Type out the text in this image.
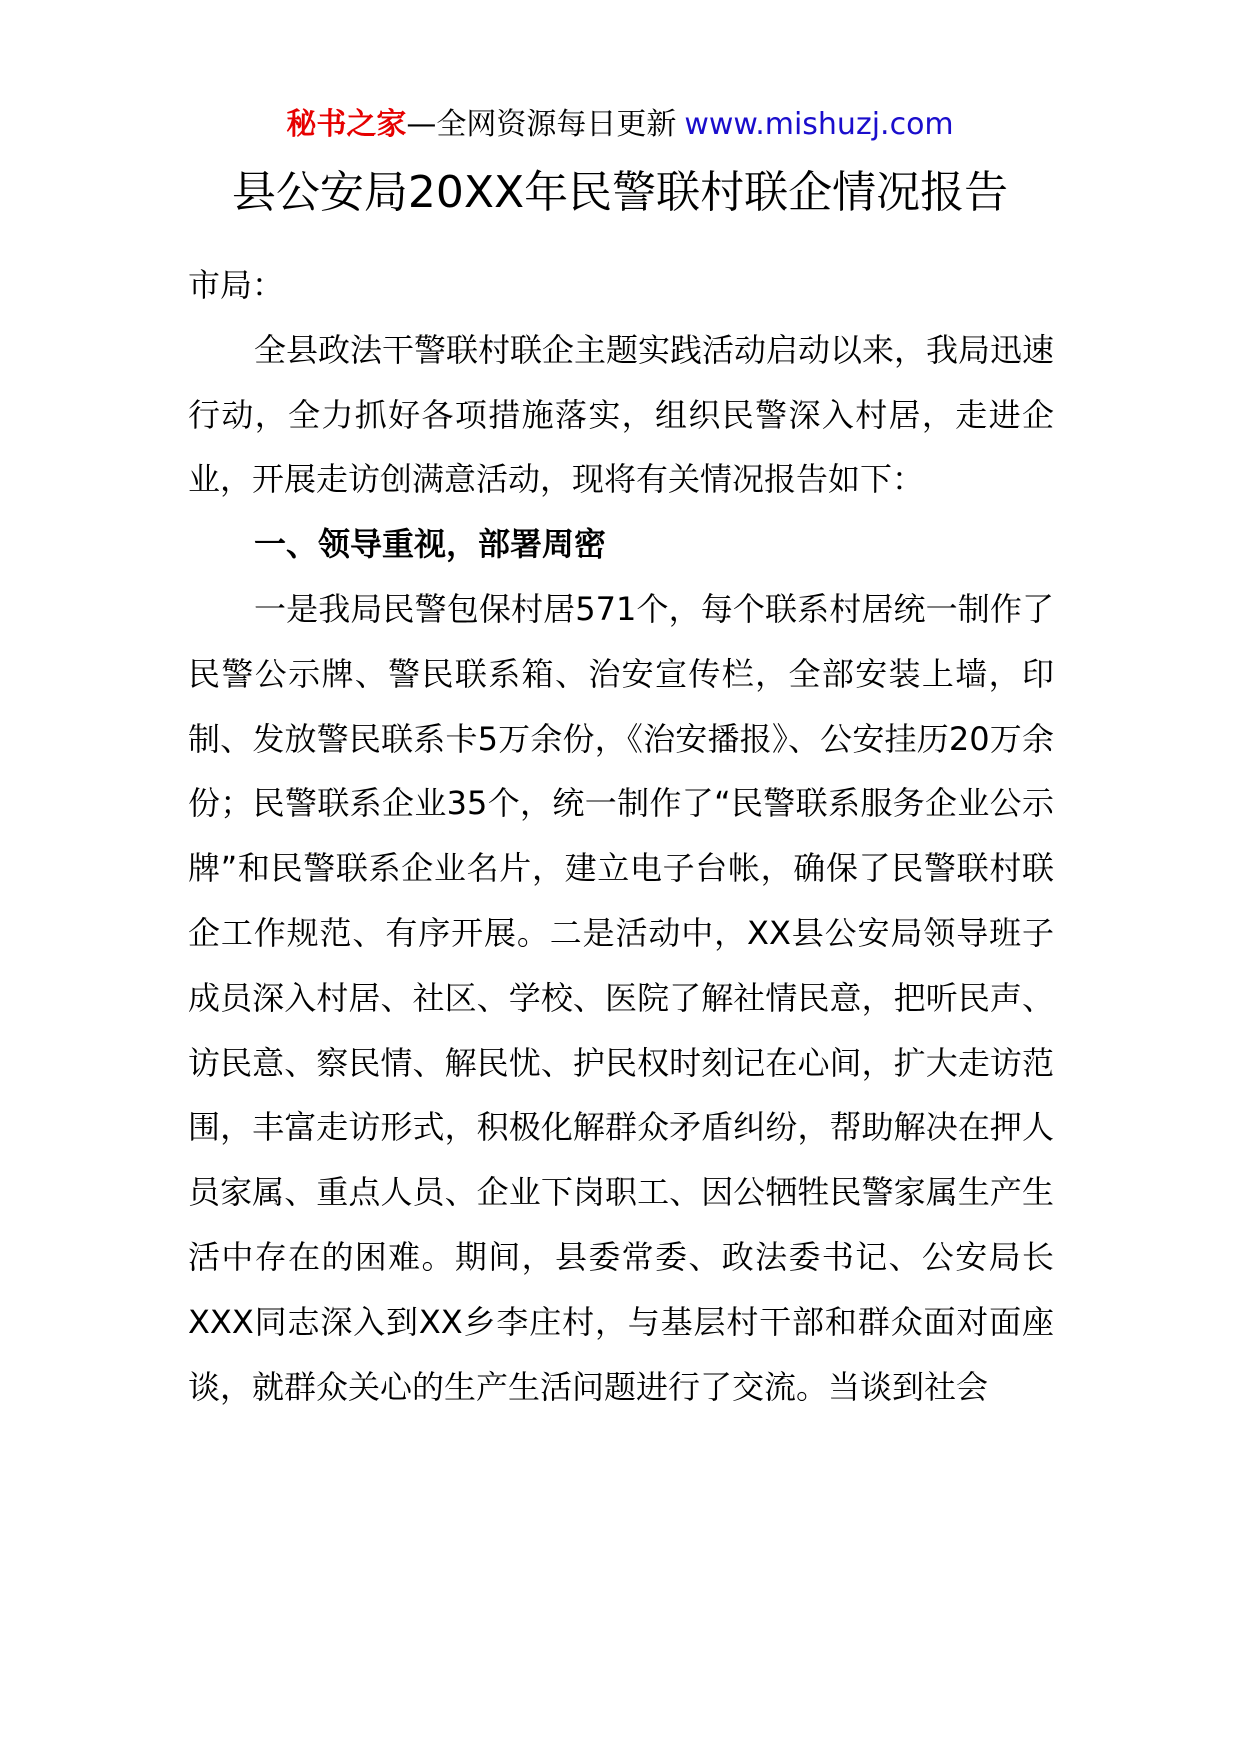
秘书之家—全网资源每日更新 www.mishuzj.com
县公安局20XX年民警联村联企情况报告

市局：

全县政法干警联村联企主题实践活动启动以来，我局迅速行动，全力抓好各项措施落实，组织民警深入村居，走进企业，开展走访创满意活动，现将有关情况报告如下：

一、领导重视，部署周密

一是我局民警包保村居571个，每个联系村居统一制作了民警公示牌、警民联系箱、治安宣传栏，全部安装上墙，印制、发放警民联系卡5万余份，《治安播报》、公安挂历20万余份；民警联系企业35个，统一制作了“民警联系服务企业公示牌”和民警联系企业名片，建立电子台帐，确保了民警联村联企工作规范、有序开展。二是活动中，XX县公安局领导班子成员深入村居、社区、学校、医院了解社情民意，把听民声、访民意、察民情、解民忧、护民权时刻记在心间，扩大走访范围，丰富走访形式，积极化解群众矛盾纠纷，帮助解决在押人员家属、重点人员、企业下岗职工、因公牺牲民警家属生产生活中存在的困难。期间，县委常委、政法委书记、公安局长XXX同志深入到XX乡李庄村，与基层村干部和群众面对面座谈，就群众关心的生产生活问题进行了交流。当谈到社会
